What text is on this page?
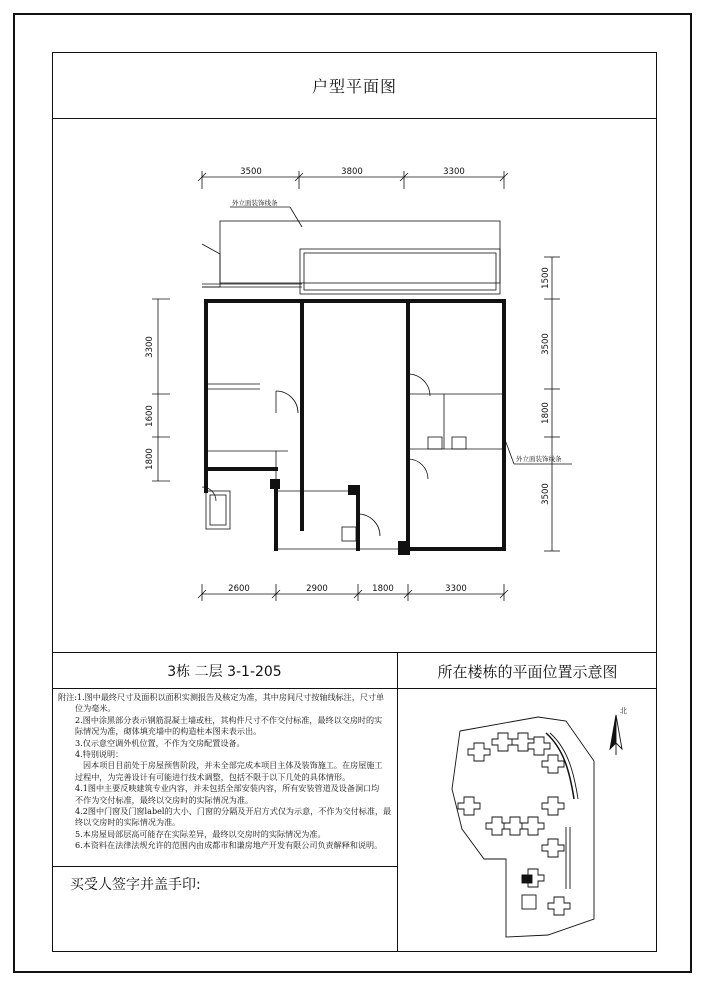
户型平面图
3栋 二层 3-1-205	所在楼栋的平面位置示意图
3500	3800	3300
2600	2900	1800	3300
3300
1600
1800
1500
3500
1800
3500
外立面装饰线条
外立面装饰线条
附注:1.图中最终尺寸及面积以面积实测报告及核定为准，其中房间尺寸按轴线标注，尺寸单
位为毫米。
2.图中涂黑部分表示钢筋混凝土墙或柱，其构件尺寸不作交付标准，最终以交房时的实
际情况为准，砌体填充墙中的构造柱本图未表示出。
3.仅示意空调外机位置，不作为交房配置设备。
4.特别说明：
因本项目目前处于房屋预售阶段，并未全部完成本项目主体及装饰施工。在房屋施工
过程中，为完善设计有可能进行技术调整，包括不限于以下几处的具体情形。
4.1图中主要反映建筑专业内容，并未包括全部安装内容，所有安装管道及设备洞口均
不作为交付标准，最终以交房时的实际情况为准。
4.2图中门窗及门窗label的大小、门窗的分隔及开启方式仅为示意，不作为交付标准，最
终以交房时的实际情况为准。
5.本房屋局部层高可能存在实际差异，最终以交房时的实际情况为准。
6.本资料在法律法规允许的范围内由成都市和谦房地产开发有限公司负责解释和说明。
买受人签字并盖手印:
北
